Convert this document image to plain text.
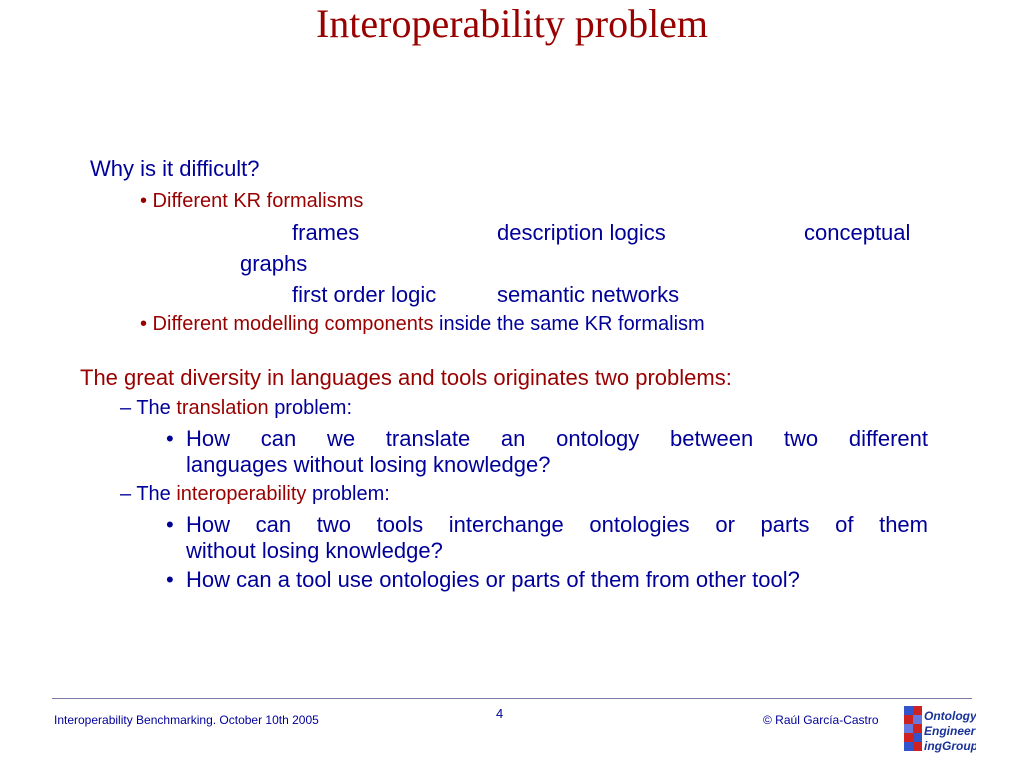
Interoperability problem
Why is it difficult?
• Different KR formalisms
frames	description logics	conceptual
graphs
first order logic	semantic networks
• Different modelling components inside the same KR formalism
The great diversity in languages and tools originates two problems:
– The translation problem:
• How can we translate an ontology between two different
languages without losing knowledge?
– The interoperability problem:
• How can two tools interchange ontologies or parts of them
without losing knowledge?
• How can a tool use ontologies or parts of them from other tool?
Interoperability Benchmarking. October 10th 2005	4	© Raúl García-Castro	Ontology
Engineer
ingGroup
